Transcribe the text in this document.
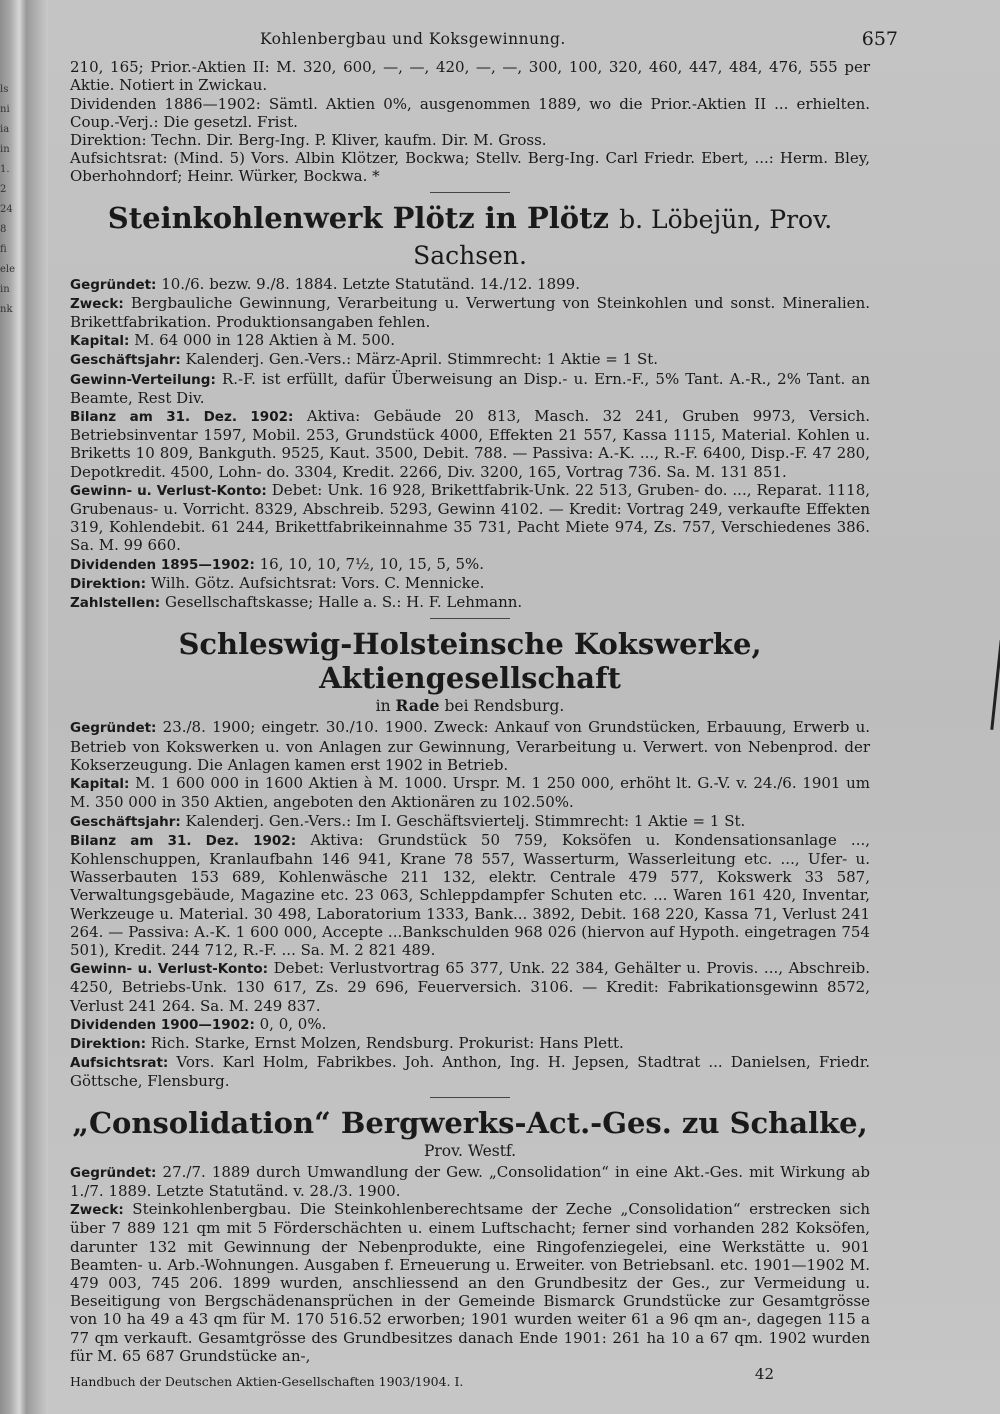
ls
ni
ia
in
1.
2
24
8
fi
ele
in
nk
Kohlenbergbau und Koksgewinnung.	657

210, 165; Prior.-Aktien II: M. 320, 600, —, —, 420, —, —, 300, 100, 320, 460, 447, 484, 476, 555 per Aktie. Notiert in Zwickau.

Dividenden 1886—1902: Sämtl. Aktien 0%, ausgenommen 1889, wo die Prior.-Aktien II ... erhielten. Coup.-Verj.: Die gesetzl. Frist.

Direktion: Techn. Dir. Berg-Ing. P. Kliver, kaufm. Dir. M. Gross.

Aufsichtsrat: (Mind. 5) Vors. Albin Klötzer, Bockwa; Stellv. Berg-Ing. Carl Friedr. Ebert, ...: Herm. Bley, Oberhohndorf; Heinr. Würker, Bockwa. *

Steinkohlenwerk Plötz in Plötz b. Löbejün, Prov. Sachsen.

Gegründet: 10./6. bezw. 9./8. 1884. Letzte Statutänd. 14./12. 1899.

Zweck: Bergbauliche Gewinnung, Verarbeitung u. Verwertung von Steinkohlen und sonst. Mineralien. Brikettfabrikation. Produktionsangaben fehlen.

Kapital: M. 64 000 in 128 Aktien à M. 500.

Geschäftsjahr: Kalenderj. Gen.-Vers.: März-April. Stimmrecht: 1 Aktie = 1 St.

Gewinn-Verteilung: R.-F. ist erfüllt, dafür Überweisung an Disp.- u. Ern.-F., 5% Tant. A.-R., 2% Tant. an Beamte, Rest Div.

Bilanz am 31. Dez. 1902: Aktiva: Gebäude 20 813, Masch. 32 241, Gruben 9973, Versich. Betriebsinventar 1597, Mobil. 253, Grundstück 4000, Effekten 21 557, Kassa 1115, Material. Kohlen u. Briketts 10 809, Bankguth. 9525, Kaut. 3500, Debit. 788. — Passiva: A.-K. ..., R.-F. 6400, Disp.-F. 47 280, Depotkredit. 4500, Lohn- do. 3304, Kredit. 2266, Div. 3200, 165, Vortrag 736. Sa. M. 131 851.

Gewinn- u. Verlust-Konto: Debet: Unk. 16 928, Brikettfabrik-Unk. 22 513, Gruben- do. ..., Reparat. 1118, Grubenaus- u. Vorricht. 8329, Abschreib. 5293, Gewinn 4102. — Kredit: Vortrag 249, verkaufte Effekten 319, Kohlendebit. 61 244, Brikettfabrikeinnahme 35 731, Pacht Miete 974, Zs. 757, Verschiedenes 386. Sa. M. 99 660.

Dividenden 1895—1902: 16, 10, 10, 7½, 10, 15, 5, 5%.

Direktion: Wilh. Götz. Aufsichtsrat: Vors. C. Mennicke.

Zahlstellen: Gesellschaftskasse; Halle a. S.: H. F. Lehmann.

Schleswig-Holsteinsche Kokswerke, Aktiengesellschaft
in Rade bei Rendsburg.

Gegründet: 23./8. 1900; eingetr. 30./10. 1900. Zweck: Ankauf von Grundstücken, Erbauung, Erwerb u. Betrieb von Kokswerken u. von Anlagen zur Gewinnung, Verarbeitung u. Verwert. von Nebenprod. der Kokserzeugung. Die Anlagen kamen erst 1902 in Betrieb.

Kapital: M. 1 600 000 in 1600 Aktien à M. 1000. Urspr. M. 1 250 000, erhöht lt. G.-V. v. 24./6. 1901 um M. 350 000 in 350 Aktien, angeboten den Aktionären zu 102.50%.

Geschäftsjahr: Kalenderj. Gen.-Vers.: Im I. Geschäftsviertelj. Stimmrecht: 1 Aktie = 1 St.

Bilanz am 31. Dez. 1902: Aktiva: Grundstück 50 759, Koksöfen u. Kondensationsanlage ..., Kohlenschuppen, Kranlaufbahn 146 941, Krane 78 557, Wasserturm, Wasserleitung etc. ..., Ufer- u. Wasserbauten 153 689, Kohlenwäsche 211 132, elektr. Centrale 479 577, Kokswerk 33 587, Verwaltungsgebäude, Magazine etc. 23 063, Schleppdampfer Schuten etc. ... Waren 161 420, Inventar, Werkzeuge u. Material. 30 498, Laboratorium 1333, Bank... 3892, Debit. 168 220, Kassa 71, Verlust 241 264. — Passiva: A.-K. 1 600 000, Accepte ...Bankschulden 968 026 (hiervon auf Hypoth. eingetragen 754 501), Kredit. 244 712, R.-F. ... Sa. M. 2 821 489.

Gewinn- u. Verlust-Konto: Debet: Verlustvortrag 65 377, Unk. 22 384, Gehälter u. Provis. ..., Abschreib. 4250, Betriebs-Unk. 130 617, Zs. 29 696, Feuerversich. 3106. — Kredit: Fabrikationsgewinn 8572, Verlust 241 264. Sa. M. 249 837.

Dividenden 1900—1902: 0, 0, 0%.

Direktion: Rich. Starke, Ernst Molzen, Rendsburg. Prokurist: Hans Plett.

Aufsichtsrat: Vors. Karl Holm, Fabrikbes. Joh. Anthon, Ing. H. Jepsen, Stadtrat ... Danielsen, Friedr. Göttsche, Flensburg.

„Consolidation“ Bergwerks-Act.-Ges. zu Schalke,
Prov. Westf.

Gegründet: 27./7. 1889 durch Umwandlung der Gew. „Consolidation“ in eine Akt.-Ges. mit Wirkung ab 1./7. 1889. Letzte Statutänd. v. 28./3. 1900.

Zweck: Steinkohlenbergbau. Die Steinkohlenberechtsame der Zeche „Consolidation“ erstrecken sich über 7 889 121 qm mit 5 Förderschächten u. einem Luftschacht; ferner sind vorhanden 282 Koksöfen, darunter 132 mit Gewinnung der Nebenprodukte, eine Ringofenziegelei, eine Werkstätte u. 901 Beamten- u. Arb.-Wohnungen. Ausgaben f. Erneuerung u. Erweiter. von Betriebsanl. etc. 1901—1902 M. 479 003, 745 206. 1899 wurden, anschliessend an den Grundbesitz der Ges., zur Vermeidung u. Beseitigung von Bergschädenansprüchen in der Gemeinde Bismarck Grundstücke zur Gesamtgrösse von 10 ha 49 a 43 qm für M. 170 516.52 erworben; 1901 wurden weiter 61 a 96 qm an-, dagegen 115 a 77 qm verkauft. Gesamtgrösse des Grundbesitzes danach Ende 1901: 261 ha 10 a 67 qm. 1902 wurden für M. 65 687 Grundstücke an-,

Handbuch der Deutschen Aktien-Gesellschaften 1903/1904. I.	42
